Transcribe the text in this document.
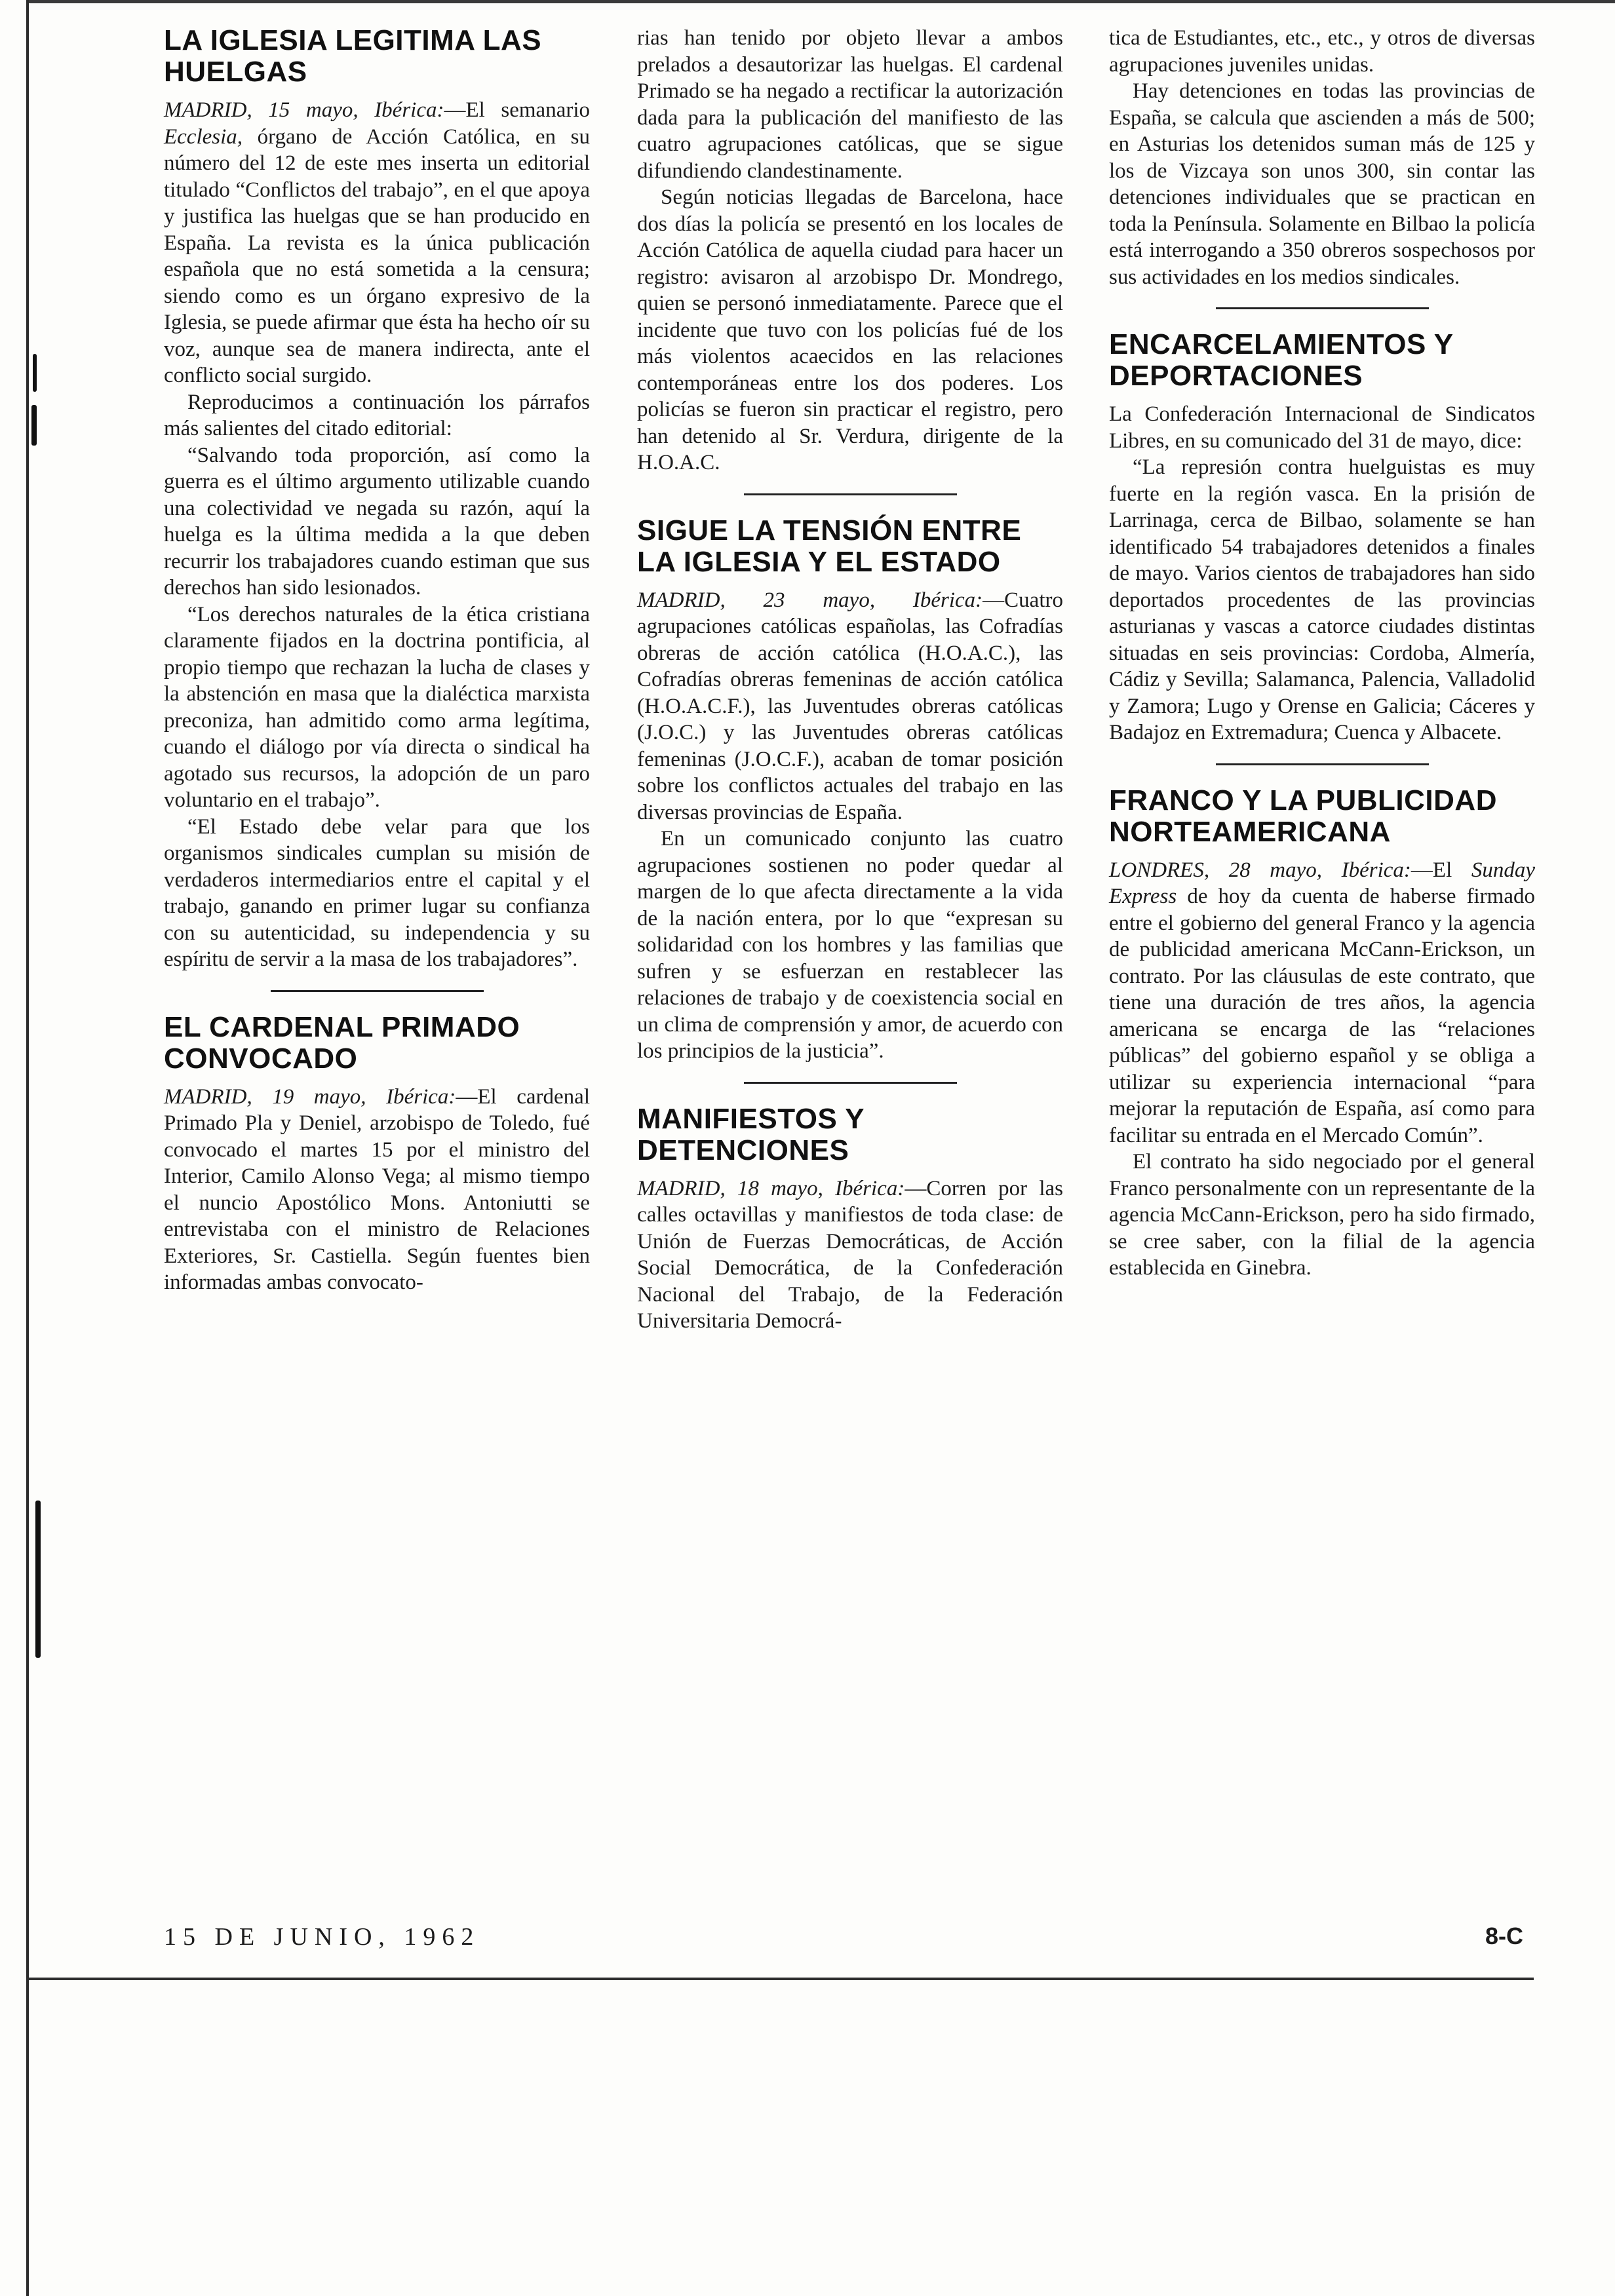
LA IGLESIA LEGITIMA LAS HUELGAS

MADRID, 15 mayo, Ibérica:—El semanario Ecclesia, órgano de Acción Católica, en su número del 12 de este mes inserta un editorial titulado “Conflictos del trabajo”, en el que apoya y justifica las huelgas que se han producido en España. La revista es la única publicación española que no está sometida a la censura; siendo como es un órgano expresivo de la Iglesia, se puede afirmar que ésta ha hecho oír su voz, aunque sea de manera indirecta, ante el conflicto social surgido.

Reproducimos a continuación los párrafos más salientes del citado editorial:

“Salvando toda proporción, así como la guerra es el último argumento utilizable cuando una colectividad ve negada su razón, aquí la huelga es la última medida a la que deben recurrir los trabajadores cuando estiman que sus derechos han sido lesionados.

“Los derechos naturales de la ética cristiana claramente fijados en la doctrina pontificia, al propio tiempo que rechazan la lucha de clases y la abstención en masa que la dialéctica marxista preconiza, han admitido como arma legítima, cuando el diálogo por vía directa o sindical ha agotado sus recursos, la adopción de un paro voluntario en el trabajo”.

“El Estado debe velar para que los organismos sindicales cumplan su misión de verdaderos intermediarios entre el capital y el trabajo, ganando en primer lugar su confianza con su autenticidad, su independencia y su espíritu de servir a la masa de los trabajadores”.

EL CARDENAL PRIMADO CONVOCADO

MADRID, 19 mayo, Ibérica:—El cardenal Primado Pla y Deniel, arzobispo de Toledo, fué convocado el martes 15 por el ministro del Interior, Camilo Alonso Vega; al mismo tiempo el nuncio Apostólico Mons. Antoniutti se entrevistaba con el ministro de Relaciones Exteriores, Sr. Castiella. Según fuentes bien informadas ambas convocato-

rias han tenido por objeto llevar a ambos prelados a desautorizar las huelgas. El cardenal Primado se ha negado a rectificar la autorización dada para la publicación del manifiesto de las cuatro agrupaciones católicas, que se sigue difundiendo clandestinamente.

Según noticias llegadas de Barcelona, hace dos días la policía se presentó en los locales de Acción Católica de aquella ciudad para hacer un registro: avisaron al arzobispo Dr. Mondrego, quien se personó inmediatamente. Parece que el incidente que tuvo con los policías fué de los más violentos acaecidos en las relaciones contemporáneas entre los dos poderes. Los policías se fueron sin practicar el registro, pero han detenido al Sr. Verdura, dirigente de la H.O.A.C.

SIGUE LA TENSIÓN ENTRE LA IGLESIA Y EL ESTADO

MADRID, 23 mayo, Ibérica:—Cuatro agrupaciones católicas españolas, las Cofradías obreras de acción católica (H.O.A.C.), las Cofradías obreras femeninas de acción católica (H.O.A.C.F.), las Juventudes obreras católicas (J.O.C.) y las Juventudes obreras católicas femeninas (J.O.C.F.), acaban de tomar posición sobre los conflictos actuales del trabajo en las diversas provincias de España.

En un comunicado conjunto las cuatro agrupaciones sostienen no poder quedar al margen de lo que afecta directamente a la vida de la nación entera, por lo que “expresan su solidaridad con los hombres y las familias que sufren y se esfuerzan en restablecer las relaciones de trabajo y de coexistencia social en un clima de comprensión y amor, de acuerdo con los principios de la justicia”.

MANIFIESTOS Y DETENCIONES

MADRID, 18 mayo, Ibérica:—Corren por las calles octavillas y manifiestos de toda clase: de Unión de Fuerzas Democráticas, de Acción Social Democrática, de la Confederación Nacional del Trabajo, de la Federación Universitaria Democrá-

tica de Estudiantes, etc., etc., y otros de diversas agrupaciones juveniles unidas.

Hay detenciones en todas las provincias de España, se calcula que ascienden a más de 500; en Asturias los detenidos suman más de 125 y los de Vizcaya son unos 300, sin contar las detenciones individuales que se practican en toda la Península. Solamente en Bilbao la policía está interrogando a 350 obreros sospechosos por sus actividades en los medios sindicales.

ENCARCELAMIENTOS Y DEPORTACIONES

La Confederación Internacional de Sindicatos Libres, en su comunicado del 31 de mayo, dice:

“La represión contra huelguistas es muy fuerte en la región vasca. En la prisión de Larrinaga, cerca de Bilbao, solamente se han identificado 54 trabajadores detenidos a finales de mayo. Varios cientos de trabajadores han sido deportados procedentes de las provincias asturianas y vascas a catorce ciudades distintas situadas en seis provincias: Cordoba, Almería, Cádiz y Sevilla; Salamanca, Palencia, Valladolid y Zamora; Lugo y Orense en Galicia; Cáceres y Badajoz en Extremadura; Cuenca y Albacete.

FRANCO Y LA PUBLICIDAD NORTEAMERICANA

LONDRES, 28 mayo, Ibérica:—El Sunday Express de hoy da cuenta de haberse firmado entre el gobierno del general Franco y la agencia de publicidad americana McCann-Erickson, un contrato. Por las cláusulas de este contrato, que tiene una duración de tres años, la agencia americana se encarga de las “relaciones públicas” del gobierno español y se obliga a utilizar su experiencia internacional “para mejorar la reputación de España, así como para facilitar su entrada en el Mercado Común”.

El contrato ha sido negociado por el general Franco personalmente con un representante de la agencia McCann-Erickson, pero ha sido firmado, se cree saber, con la filial de la agencia establecida en Ginebra.

15 DE JUNIO, 1962	8-C
